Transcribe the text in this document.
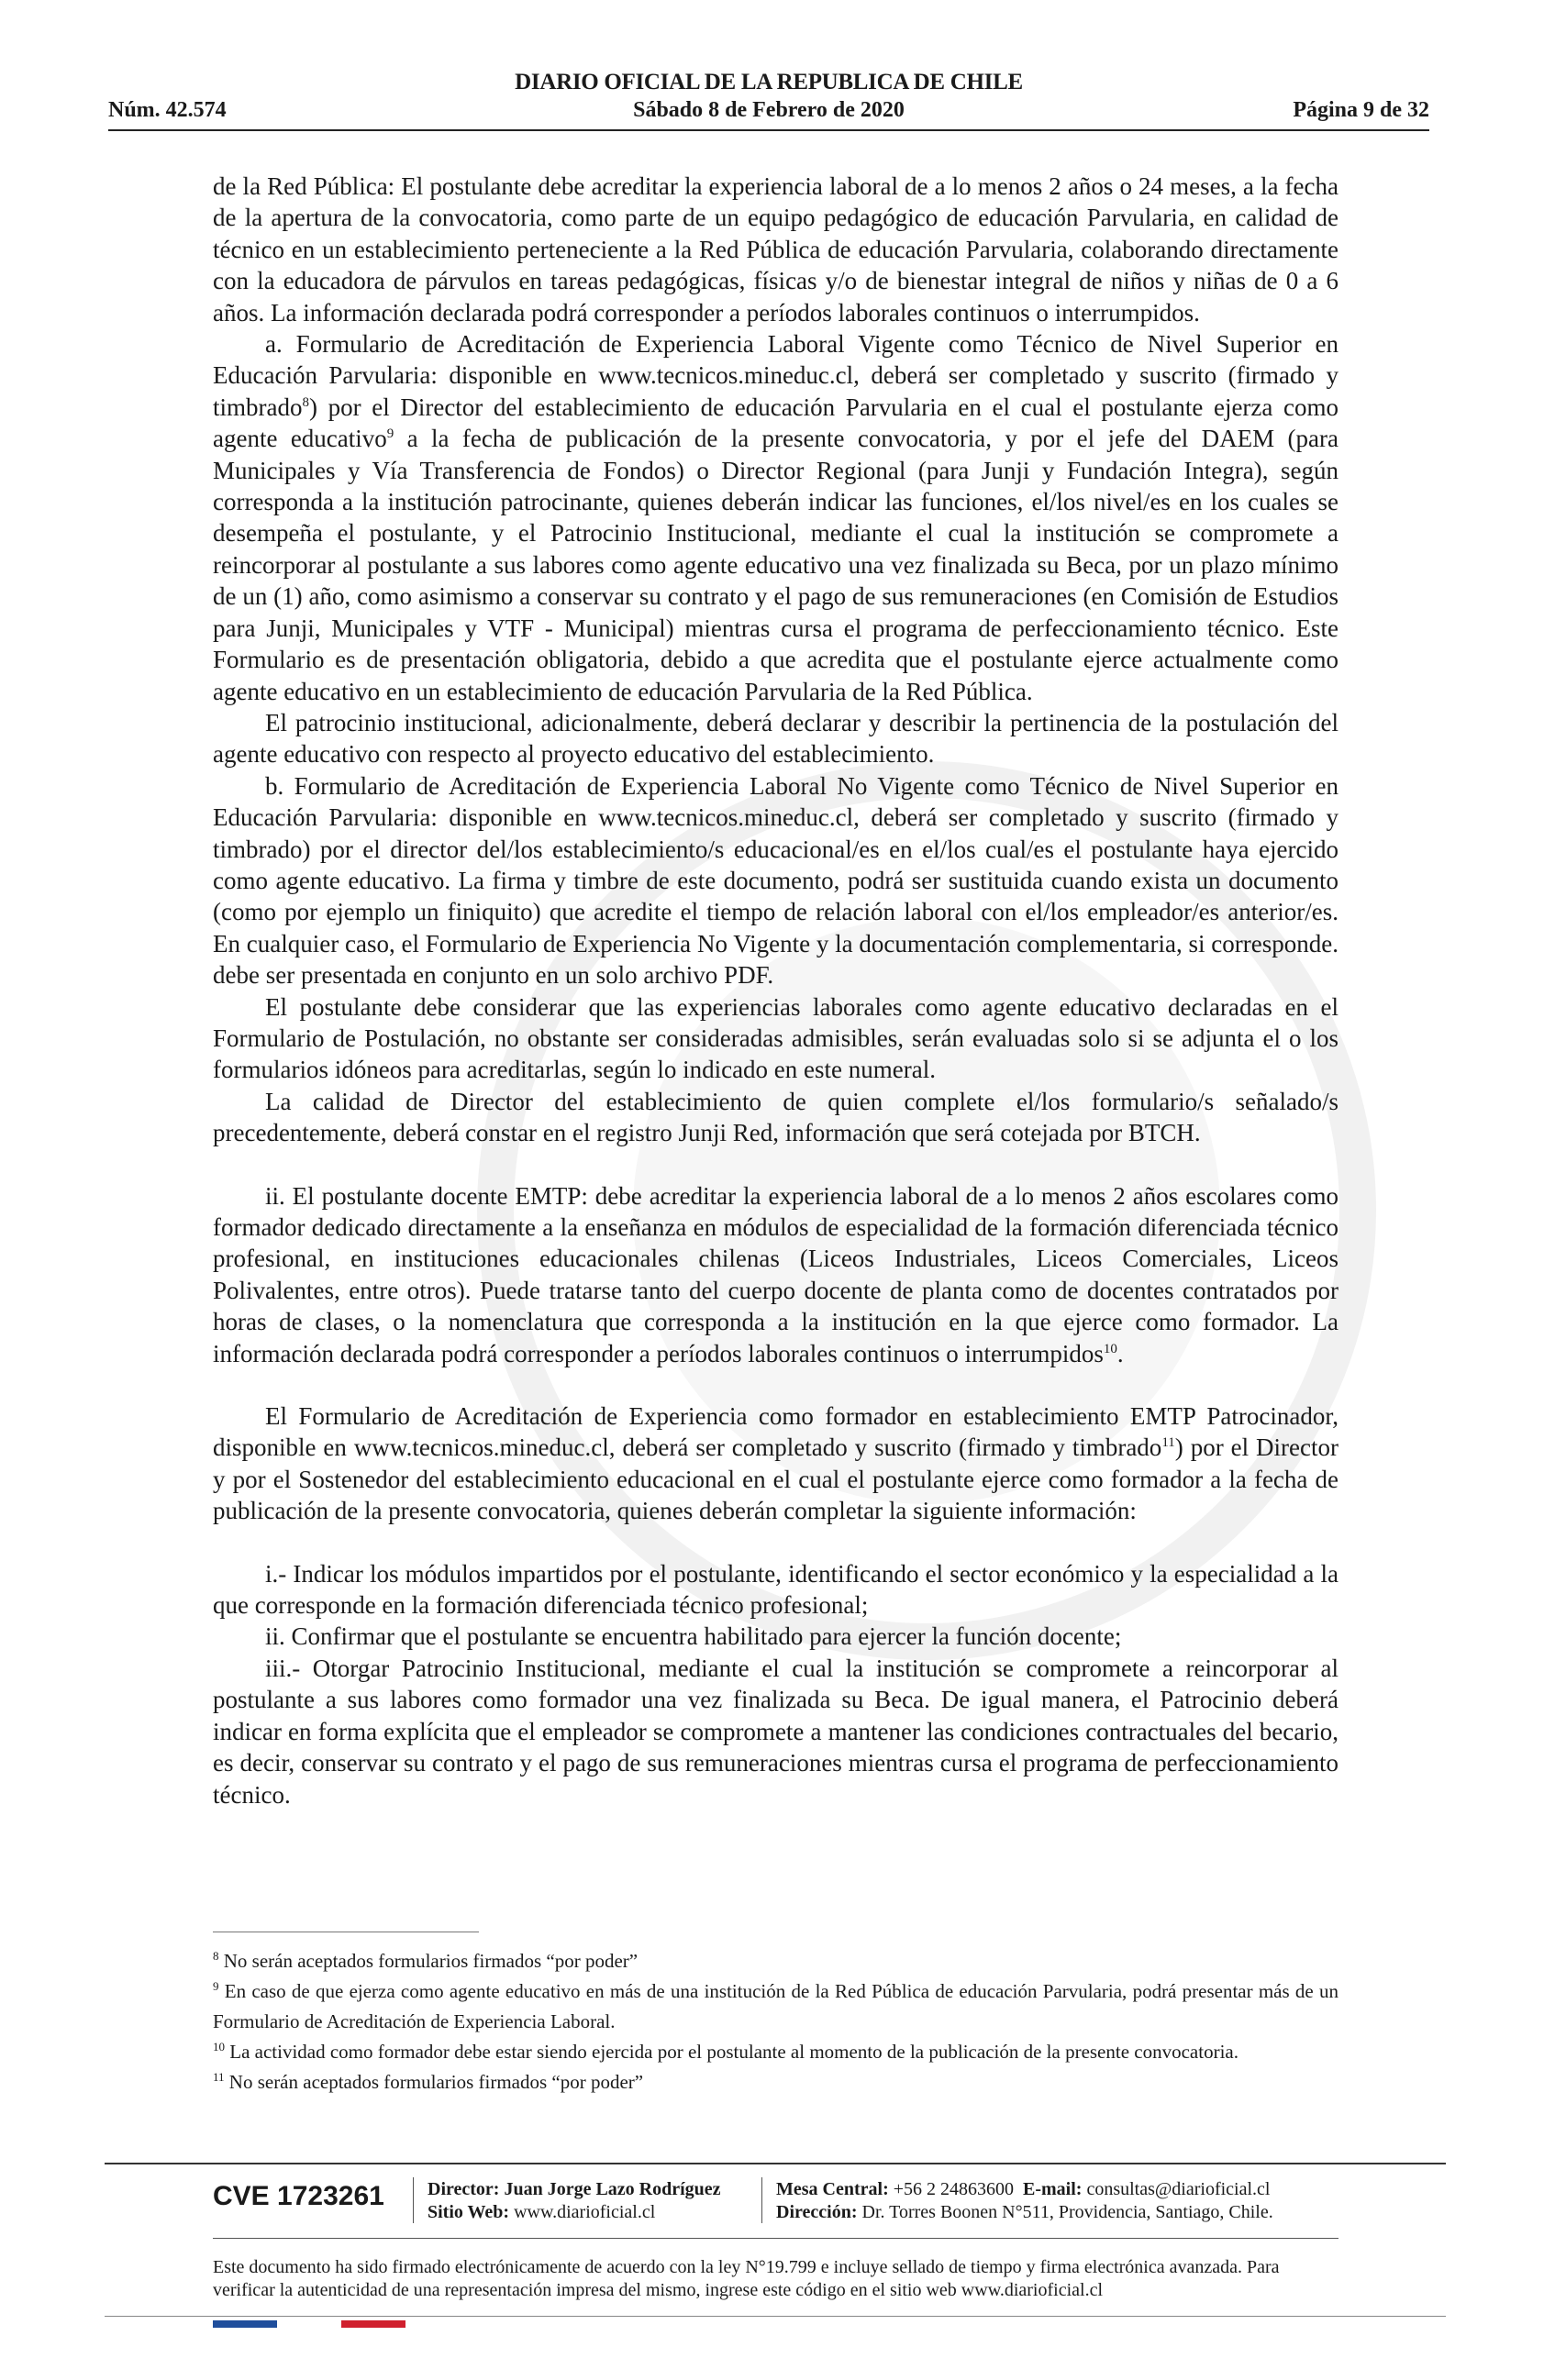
DIARIO OFICIAL DE LA REPUBLICA DE CHILE
Núm. 42.574	Sábado 8 de Febrero de 2020	Página 9 de 32

de la Red Pública: El postulante debe acreditar la experiencia laboral de a lo menos 2 años o 24 meses, a la fecha de la apertura de la convocatoria, como parte de un equipo pedagógico de educación Parvularia, en calidad de técnico en un establecimiento perteneciente a la Red Pública de educación Parvularia, colaborando directamente con la educadora de párvulos en tareas pedagógicas, físicas y/o de bienestar integral de niños y niñas de 0 a 6 años. La información declarada podrá corresponder a períodos laborales continuos o interrumpidos.

a. Formulario de Acreditación de Experiencia Laboral Vigente como Técnico de Nivel Superior en Educación Parvularia: disponible en www.tecnicos.mineduc.cl, deberá ser completado y suscrito (firmado y timbrado$^8$) por el Director del establecimiento de educación Parvularia en el cual el postulante ejerza como agente educativo$^9$ a la fecha de publicación de la presente convocatoria, y por el jefe del DAEM (para Municipales y Vía Transferencia de Fondos) o Director Regional (para Junji y Fundación Integra), según corresponda a la institución patrocinante, quienes deberán indicar las funciones, el/los nivel/es en los cuales se desempeña el postulante, y el Patrocinio Institucional, mediante el cual la institución se compromete a reincorporar al postulante a sus labores como agente educativo una vez finalizada su Beca, por un plazo mínimo de un (1) año, como asimismo a conservar su contrato y el pago de sus remuneraciones (en Comisión de Estudios para Junji, Municipales y VTF - Municipal) mientras cursa el programa de perfeccionamiento técnico. Este Formulario es de presentación obligatoria, debido a que acredita que el postulante ejerce actualmente como agente educativo en un establecimiento de educación Parvularia de la Red Pública.

El patrocinio institucional, adicionalmente, deberá declarar y describir la pertinencia de la postulación del agente educativo con respecto al proyecto educativo del establecimiento.

b. Formulario de Acreditación de Experiencia Laboral No Vigente como Técnico de Nivel Superior en Educación Parvularia: disponible en www.tecnicos.mineduc.cl, deberá ser completado y suscrito (firmado y timbrado) por el director del/los establecimiento/s educacional/es en el/los cual/es el postulante haya ejercido como agente educativo. La firma y timbre de este documento, podrá ser sustituida cuando exista un documento (como por ejemplo un finiquito) que acredite el tiempo de relación laboral con el/los empleador/es anterior/es. En cualquier caso, el Formulario de Experiencia No Vigente y la documentación complementaria, si corresponde. debe ser presentada en conjunto en un solo archivo PDF.

El postulante debe considerar que las experiencias laborales como agente educativo declaradas en el Formulario de Postulación, no obstante ser consideradas admisibles, serán evaluadas solo si se adjunta el o los formularios idóneos para acreditarlas, según lo indicado en este numeral.

La calidad de Director del establecimiento de quien complete el/los formulario/s señalado/s precedentemente, deberá constar en el registro Junji Red, información que será cotejada por BTCH.

ii. El postulante docente EMTP: debe acreditar la experiencia laboral de a lo menos 2 años escolares como formador dedicado directamente a la enseñanza en módulos de especialidad de la formación diferenciada técnico profesional, en instituciones educacionales chilenas (Liceos Industriales, Liceos Comerciales, Liceos Polivalentes, entre otros). Puede tratarse tanto del cuerpo docente de planta como de docentes contratados por horas de clases, o la nomenclatura que corresponda a la institución en la que ejerce como formador. La información declarada podrá corresponder a períodos laborales continuos o interrumpidos$^{10}$.

El Formulario de Acreditación de Experiencia como formador en establecimiento EMTP Patrocinador, disponible en www.tecnicos.mineduc.cl, deberá ser completado y suscrito (firmado y timbrado$^{11}$) por el Director y por el Sostenedor del establecimiento educacional en el cual el postulante ejerce como formador a la fecha de publicación de la presente convocatoria, quienes deberán completar la siguiente información:

i.- Indicar los módulos impartidos por el postulante, identificando el sector económico y la especialidad a la que corresponde en la formación diferenciada técnico profesional;

ii. Confirmar que el postulante se encuentra habilitado para ejercer la función docente;

iii.- Otorgar Patrocinio Institucional, mediante el cual la institución se compromete a reincorporar al postulante a sus labores como formador una vez finalizada su Beca. De igual manera, el Patrocinio deberá indicar en forma explícita que el empleador se compromete a mantener las condiciones contractuales del becario, es decir, conservar su contrato y el pago de sus remuneraciones mientras cursa el programa de perfeccionamiento técnico.

$^8$ No serán aceptados formularios firmados “por poder”

$^9$ En caso de que ejerza como agente educativo en más de una institución de la Red Pública de educación Parvularia, podrá presentar más de un Formulario de Acreditación de Experiencia Laboral.

$^{10}$ La actividad como formador debe estar siendo ejercida por el postulante al momento de la publicación de la presente convocatoria.

$^{11}$ No serán aceptados formularios firmados “por poder”

CVE 1723261 Director: Juan Jorge Lazo Rodríguez
Sitio Web: www.diarioficial.cl
Mesa Central: +56 2 24863600 E-mail: consultas@diarioficial.cl
Dirección: Dr. Torres Boonen N°511, Providencia, Santiago, Chile.
Este documento ha sido firmado electrónicamente de acuerdo con la ley N°19.799 e incluye sellado de tiempo y firma electrónica avanzada. Para verificar la autenticidad de una representación impresa del mismo, ingrese este código en el sitio web www.diarioficial.cl
